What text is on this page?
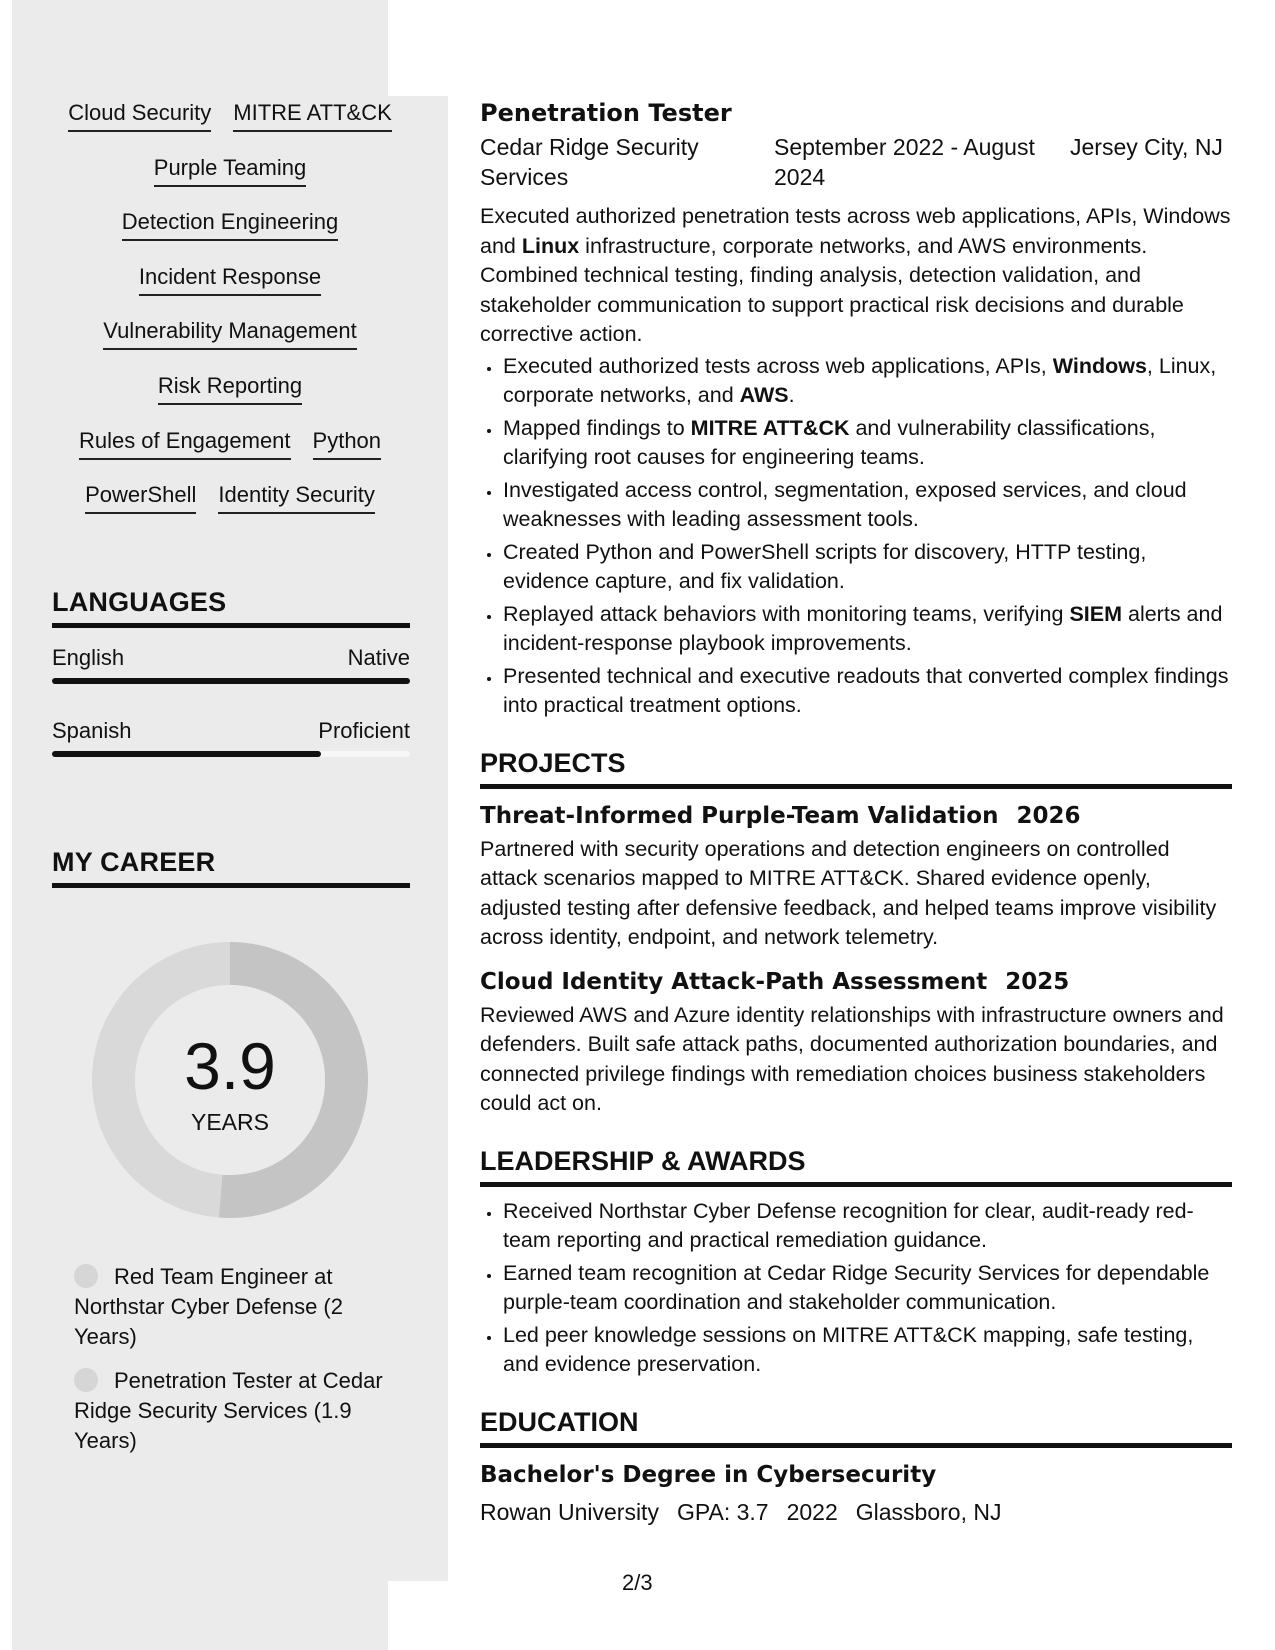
Cloud Security MITRE ATT&CK
Purple Teaming
Detection Engineering
Incident Response
Vulnerability Management
Risk Reporting
Rules of Engagement Python
PowerShell Identity Security
LANGUAGES
English	Native
Spanish	Proficient
MY CAREER
3.9
YEARS
Red Team Engineer at Northstar Cyber Defense (2 Years)
Penetration Tester at Cedar Ridge Security Services (1.9 Years)
Penetration Tester
Cedar Ridge Security Services
September 2022 - August 2024
Jersey City, NJ

Executed authorized penetration tests across web applications, APIs, Windows and Linux infrastructure, corporate networks, and AWS environments. Combined technical testing, finding analysis, detection validation, and stakeholder communication to support practical risk decisions and durable corrective action.

• Executed authorized tests across web applications, APIs, Windows, Linux, corporate networks, and AWS.
• Mapped findings to MITRE ATT&CK and vulnerability classifications, clarifying root causes for engineering teams.
• Investigated access control, segmentation, exposed services, and cloud weaknesses with leading assessment tools.
• Created Python and PowerShell scripts for discovery, HTTP testing, evidence capture, and fix validation.
• Replayed attack behaviors with monitoring teams, verifying SIEM alerts and incident-response playbook improvements.
• Presented technical and executive readouts that converted complex findings into practical treatment options.
PROJECTS
Threat-Informed Purple-Team Validation 2026

Partnered with security operations and detection engineers on controlled attack scenarios mapped to MITRE ATT&CK. Shared evidence openly, adjusted testing after defensive feedback, and helped teams improve visibility across identity, endpoint, and network telemetry.

Cloud Identity Attack-Path Assessment 2025

Reviewed AWS and Azure identity relationships with infrastructure owners and defenders. Built safe attack paths, documented authorization boundaries, and connected privilege findings with remediation choices business stakeholders could act on.

LEADERSHIP & AWARDS
• Received Northstar Cyber Defense recognition for clear, audit-ready red-team reporting and practical remediation guidance.
• Earned team recognition at Cedar Ridge Security Services for dependable purple-team coordination and stakeholder communication.
• Led peer knowledge sessions on MITRE ATT&CK mapping, safe testing, and evidence preservation.
EDUCATION
Bachelor's Degree in Cybersecurity
Rowan University GPA: 3.7 2022 Glassboro, NJ
2/3
